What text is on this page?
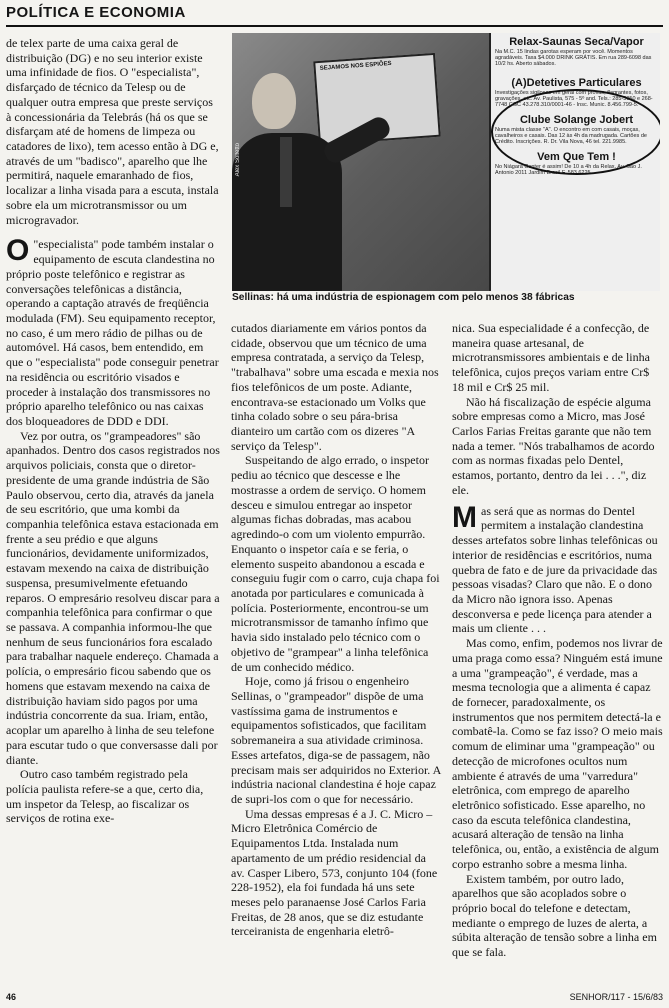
POLÍTICA E ECONOMIA
SEJAMOS NOS ESPIÕES
Alex Solletto
Relax-Saunas Seca/Vapor
Na M.C. 15 lindas garotas esperam por você. Momentos agradáveis. Taxa $4.000 DRINK GRÁTIS. Em rua 289-6098 das 10/2 hs. Aberto sábados.
(A)Detetives Particulares
Investigações sigilosas em geral com provas, flagrantes, fotos, gravações, etc. Av. Paulista, 575 - 5º and. Tels.: 285-3950 e 268-7748 CGC 43.278.310/0001-46 - Insc. Munic. 8.456.799-5.
Clube Solange Jobert
Numa mista classe "A". O encontro em com casais, moças, cavalheiros e casais. Das 12 às 4h da madrugada. Cartões de Crédito. Inscrições. R. Dr. Vila Nova, 46 tel. 221.9985.
Vem Que Tem !
No Niágara Center é assim! De 10 a 4h da Relax. Av. São J. Antonio 2011 Jardim Brasil F. 583.6225.
Sellinas: há uma indústria de espionagem com pelo menos 38 fábricas

de telex parte de uma caixa geral de distribuição (DG) e no seu interior existe uma infinidade de fios. O "especialista", disfarçado de técnico da Telesp ou de qualquer outra empresa que preste serviços à concessionária da Telebrás (há os que se disfarçam até de homens de limpeza ou catadores de lixo), tem acesso então à DG e, através de um "badisco", aparelho que lhe permitirá, naquele emaranhado de fios, localizar a linha visada para a escuta, instala sobre ela um microtransmissor ou um microgravador.

O "especialista" pode também instalar o equipamento de escuta clandestina no próprio poste telefônico e registrar as conversações telefônicas a distância, operando a captação através de freqüência modulada (FM). Seu equipamento receptor, no caso, é um mero rádio de pilhas ou de automóvel. Há casos, bem entendido, em que o "especialista" pode conseguir penetrar na residência ou escritório visados e proceder à instalação dos transmissores no próprio aparelho telefônico ou nas caixas dos bloqueadores de DDD e DDI.

Vez por outra, os "grampeadores" são apanhados. Dentro dos casos registrados nos arquivos policiais, consta que o diretor-presidente de uma grande indústria de São Paulo observou, certo dia, através da janela de seu escritório, que uma kombi da companhia telefônica estava estacionada em frente a seu prédio e que alguns funcionários, devidamente uniformizados, estavam mexendo na caixa de distribuição suspensa, presumivelmente efetuando reparos. O empresário resolveu discar para a companhia telefônica para confirmar o que se passava. A companhia informou-lhe que nenhum de seus funcionários fora escalado para trabalhar naquele endereço. Chamada a polícia, o empresário ficou sabendo que os homens que estavam mexendo na caixa de distribuição haviam sido pagos por uma indústria concorrente da sua. Iriam, então, acoplar um aparelho à linha de seu telefone para escutar tudo o que conversasse dali por diante.

Outro caso também registrado pela polícia paulista refere-se a que, certo dia, um inspetor da Telesp, ao fiscalizar os serviços de rotina exe-

cutados diariamente em vários pontos da cidade, observou que um técnico de uma empresa contratada, a serviço da Telesp, "trabalhava" sobre uma escada e mexia nos fios telefônicos de um poste. Adiante, encontrava-se estacionado um Volks que tinha colado sobre o seu pára-brisa dianteiro um cartão com os dizeres "A serviço da Telesp".

Suspeitando de algo errado, o inspetor pediu ao técnico que descesse e lhe mostrasse a ordem de serviço. O homem desceu e simulou entregar ao inspetor algumas fichas dobradas, mas acabou agredindo-o com um violento empurrão. Enquanto o inspetor caía e se feria, o elemento suspeito abandonou a escada e conseguiu fugir com o carro, cuja chapa foi anotada por particulares e comunicada à polícia. Posteriormente, encontrou-se um microtransmissor de tamanho ínfimo que havia sido instalado pelo técnico com o objetivo de "grampear" a linha telefônica de um conhecido médico.

Hoje, como já frisou o engenheiro Sellinas, o "grampeador" dispõe de uma vastíssima gama de instrumentos e equipamentos sofisticados, que facilitam sobremaneira a sua atividade criminosa. Esses artefatos, diga-se de passagem, não precisam mais ser adquiridos no Exterior. A indústria nacional clandestina é hoje capaz de supri-los com o que for necessário.

Uma dessas empresas é a J. C. Micro – Micro Eletrônica Comércio de Equipamentos Ltda. Instalada num apartamento de um prédio residencial da av. Casper Libero, 573, conjunto 104 (fone 228-1952), ela foi fundada há uns sete meses pelo paranaense José Carlos Faria Freitas, de 28 anos, que se diz estudante terceiranista de engenharia eletrô-

nica. Sua especialidade é a confecção, de maneira quase artesanal, de microtransmissores ambientais e de linha telefônica, cujos preços variam entre Cr$ 18 mil e Cr$ 25 mil.

Não há fiscalização de espécie alguma sobre empresas como a Micro, mas José Carlos Farias Freitas garante que não tem nada a temer. "Nós trabalhamos de acordo com as normas fixadas pelo Dentel, estamos, portanto, dentro da lei . . .", diz ele.

Mas será que as normas do Dentel permitem a instalação clandestina desses artefatos sobre linhas telefônicas ou interior de residências e escritórios, numa quebra de fato e de jure da privacidade das pessoas visadas? Claro que não. E o dono da Micro não ignora isso. Apenas desconversa e pede licença para atender a mais um cliente . . .

Mas como, enfim, podemos nos livrar de uma praga como essa? Ninguém está imune a uma "grampeação", é verdade, mas a mesma tecnologia que a alimenta é capaz de fornecer, paradoxalmente, os instrumentos que nos permitem detectá-la e combatê-la. Como se faz isso? O meio mais comum de eliminar uma "grampeação" ou detecção de microfones ocultos num ambiente é através de uma "varredura" eletrônica, com emprego de aparelho eletrônico sofisticado. Esse aparelho, no caso da escuta telefônica clandestina, acusará alteração de tensão na linha telefônica, ou, então, a existência de algum corpo estranho sobre a mesma linha.

Existem também, por outro lado, aparelhos que são acoplados sobre o próprio bocal do telefone e detectam, mediante o emprego de luzes de alerta, a súbita alteração de tensão sobre a linha em que se fala.

46	SENHOR/117 - 15/6/83
